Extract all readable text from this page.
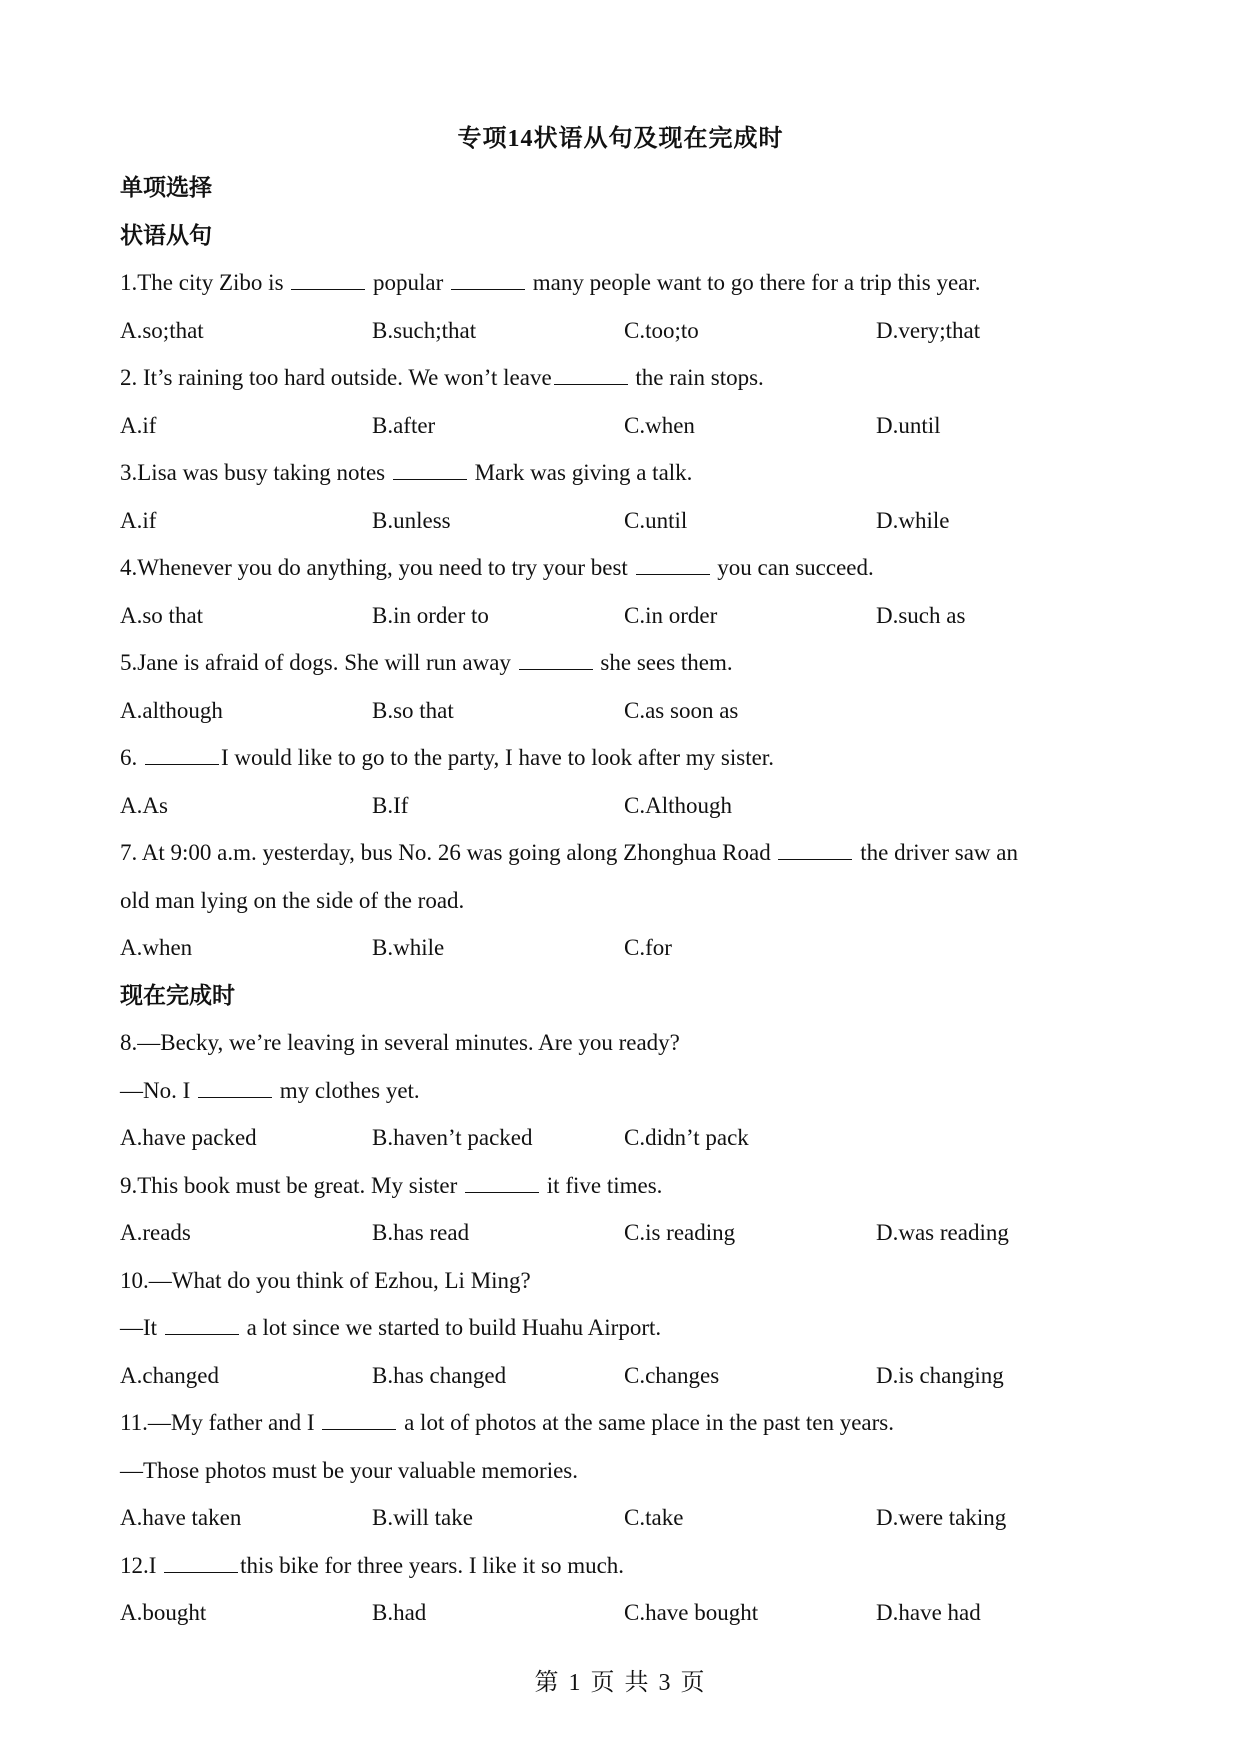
专项14状语从句及现在完成时
单项选择
状语从句
1.The city Zibo is	popular	many people want to go there for a trip this year.
A.so;that	B.such;that	C.too;to	D.very;that
2. It’s raining too hard outside. We won’t leave	the rain stops.
A.if	B.after	C.when	D.until
3.Lisa was busy taking notes	Mark was giving a talk.
A.if	B.unless	C.until	D.while
4.Whenever you do anything, you need to try your best	you can succeed.
A.so that	B.in order to	C.in order	D.such as
5.Jane is afraid of dogs. She will run away	she sees them.
A.although	B.so that	C.as soon as
6.	I would like to go to the party, I have to look after my sister.
A.As	B.If	C.Although
7. At 9:00 a.m. yesterday, bus No. 26 was going along Zhonghua Road	the driver saw an
old man lying on the side of the road.
A.when	B.while	C.for
现在完成时
8.—Becky, we’re leaving in several minutes. Are you ready?
—No. I	my clothes yet.
A.have packed	B.haven’t packed	C.didn’t pack
9.This book must be great. My sister	it five times.
A.reads	B.has read	C.is reading	D.was reading
10.—What do you think of Ezhou, Li Ming?
—It	a lot since we started to build Huahu Airport.
A.changed	B.has changed	C.changes	D.is changing
11.—My father and I	a lot of photos at the same place in the past ten years.
—Those photos must be your valuable memories.
A.have taken	B.will take	C.take	D.were taking
12.I	this bike for three years. I like it so much.
A.bought	B.had	C.have bought	D.have had
第 1 页 共 3 页
